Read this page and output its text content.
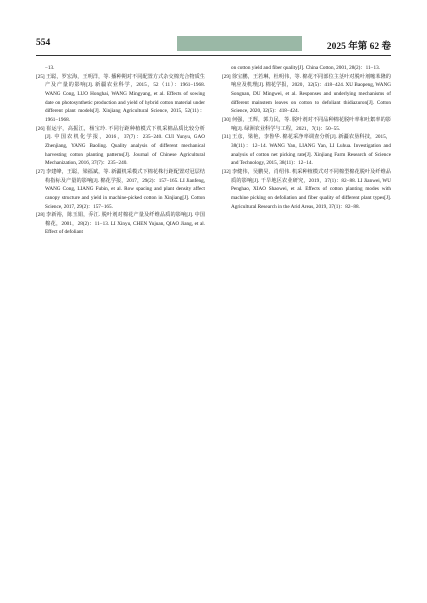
554	2025 年第 62 卷

−13.

[25] 王聪，罗宏海，王明洋，等. 播种期对不同配置方式杂交棉光合物质生产及产量的影响[J]. 新疆农业科学，2015，52（11）：1961−1968. WANG Cong, LUO Honghai, WANG Mingyang, et al. Effects of sowing date on photosynthetic production and yield of hybrid cotton material under different plant models[J]. Xinjiang Agricultural Science, 2015, 52(11)：1961−1968.

[26] 崔运宇，高振江，杨宝玲. 不同行距种植模式下机采棉品质比较分析[J]. 中国农机化学报，2016，37(7)：235−240. CUI Yunyu, GAO Zhenjiang, YANG Baoling. Quality analysis of different mechanical harvesting cotton planting patterns[J]. Journal of Chinese Agricultural Mechanization, 2016, 37(7)：235−240.

[27] 李建峰，王聪，梁福斌，等. 新疆机采模式下棉花株行距配置对冠层结构指标及产量的影响[J]. 棉花学报，2017，29(2)：157−165. LI Jianfeng, WANG Cong, LIANG Fubin, et al. Row spacing and plant density affect canopy structure and yield in machine-picked cotton in Xinjiang[J]. Cotton Science, 2017, 29(2)：157−165.

[28] 李新裕，陈玉娟，乔江. 脱叶剂对棉花产量及纤维品质的影响[J]. 中国棉花，2001，28(2)：11−13. LI Xinyu, CHEN Yujuan, QIAO Jiang, et al. Effect of defoliant

on cotton yield and fiber quality[J]. China Cotton, 2001, 28(2)：11−13.

[29] 徐宝鹏，王若琳，杜明伟，等. 棉花不同部位主茎叶对脱叶剂噻苯隆的响应及机理[J]. 棉花学报，2020，32(5)：418−424. XU Baopeng, WANG Songnan, DU Mingwei, et al. Responses and underlying mechanisms of different mainstem leaves on cotton to defoliant thidiazuron[J]. Cotton Science, 2020, 32(5)：418−424.

[30] 何强，王辉，郭力民，等. 脱叶剂对不同品种棉花脱叶率和吐絮率的影响[J]. 绿洲农业科学与工程，2021，7(1)：50−55.

[31] 王彦，梁艳，李鲁华. 棉花采净率调查分析[J]. 新疆农垦科技，2015，38(11)：12−14. WANG Yan, LIANG Yan, LI Luhua. Investigation and analysis of cotton net picking rate[J]. Xinjiang Farm Research of Science and Technology, 2015, 38(11)：12−14.

[32] 李健伟，吴鹏昊，肖绍伟. 机采种植模式对不同棉型棉花脱叶及纤维品质的影响[J]. 干旱地区农业研究，2019，37(1)：82−88. LI Jianwei, WU Penghao, XIAO Shaowei, et al. Effects of cotton planting modes with machine picking on defoliation and fiber quality of different plant types[J]. Agricultural Research in the Arid Areas, 2019, 37(1)：82−88.
